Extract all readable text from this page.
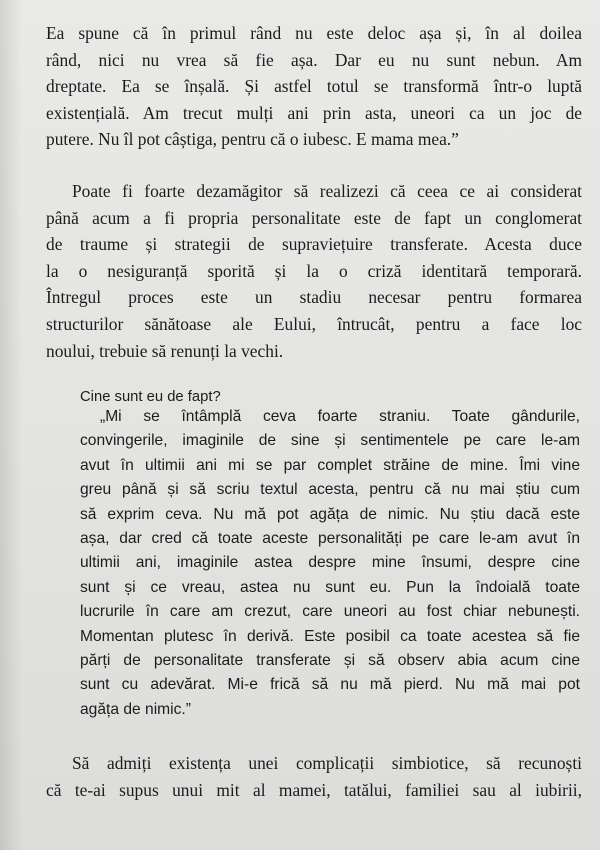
Ea spune că în primul rând nu este deloc așa și, în al doilea
rând, nici nu vrea să fie așa. Dar eu nu sunt nebun. Am
dreptate. Ea se înșală. Și astfel totul se transformă într-o luptă
existențială. Am trecut mulți ani prin asta, uneori ca un joc de
putere. Nu îl pot câștiga, pentru că o iubesc. E mama mea.”
Poate fi foarte dezamăgitor să realizezi că ceea ce ai considerat
până acum a fi propria personalitate este de fapt un conglomerat
de traume și strategii de supraviețuire transferate. Acesta duce
la o nesiguranță sporită și la o criză identitară temporară.
Întregul proces este un stadiu necesar pentru formarea
structurilor sănătoase ale Eului, întrucât, pentru a face loc
noului, trebuie să renunți la vechi.
Cine sunt eu de fapt?
„Mi se întâmplă ceva foarte straniu. Toate gândurile,
convingerile, imaginile de sine și sentimentele pe care le-am
avut în ultimii ani mi se par complet străine de mine. Îmi vine
greu până și să scriu textul acesta, pentru că nu mai știu cum
să exprim ceva. Nu mă pot agăța de nimic. Nu știu dacă este
așa, dar cred că toate aceste personalități pe care le-am avut în
ultimii ani, imaginile astea despre mine însumi, despre cine
sunt și ce vreau, astea nu sunt eu. Pun la îndoială toate
lucrurile în care am crezut, care uneori au fost chiar nebunești.
Momentan plutesc în derivă. Este posibil ca toate acestea să fie
părți de personalitate transferate și să observ abia acum cine
sunt cu adevărat. Mi-e frică să nu mă pierd. Nu mă mai pot
agăța de nimic.”
Să admiți existența unei complicații simbiotice, să recunoști
că te-ai supus unui mit al mamei, tatălui, familiei sau al iubirii,
